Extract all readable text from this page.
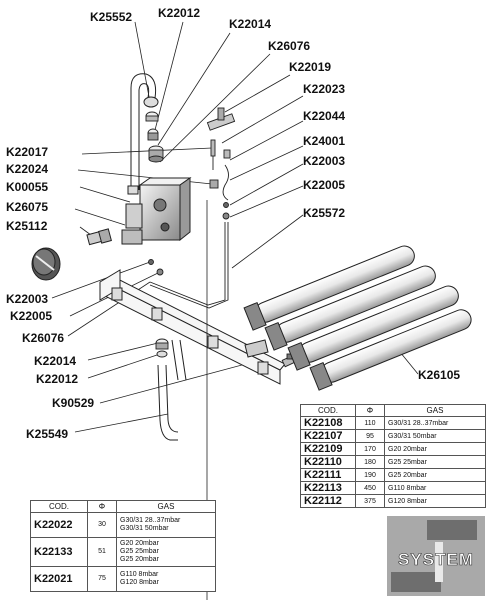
K25552 K22012
K22014
K26076
K22019
K22023
K22044
K22017
K24001
K22024
K22003
K00055	K22005
K26075	K25572
K25112
K22003
K22005
K26076
K22014
K22012	K26105
K90529
K25549
COD.	Φ	GAS
K22108	110	G30/31 28..37mbar
K22107	95	G30/31 50mbar
K22109	170	G20 20mbar
K22110	180	G25 25mbar
K22111	190	G25 20mbar
K22113	450	G110 8mbar
K22112	375	G120 8mbar
COD.	Φ	GAS
K22022	30	G30/31 28..37mbar
G30/31 50mbar

K22133	51	G20 20mbar
G25 25mbar
G25 20mbar

K22021	75	G110 8mbar
G120 8mbar
SYSTEM
